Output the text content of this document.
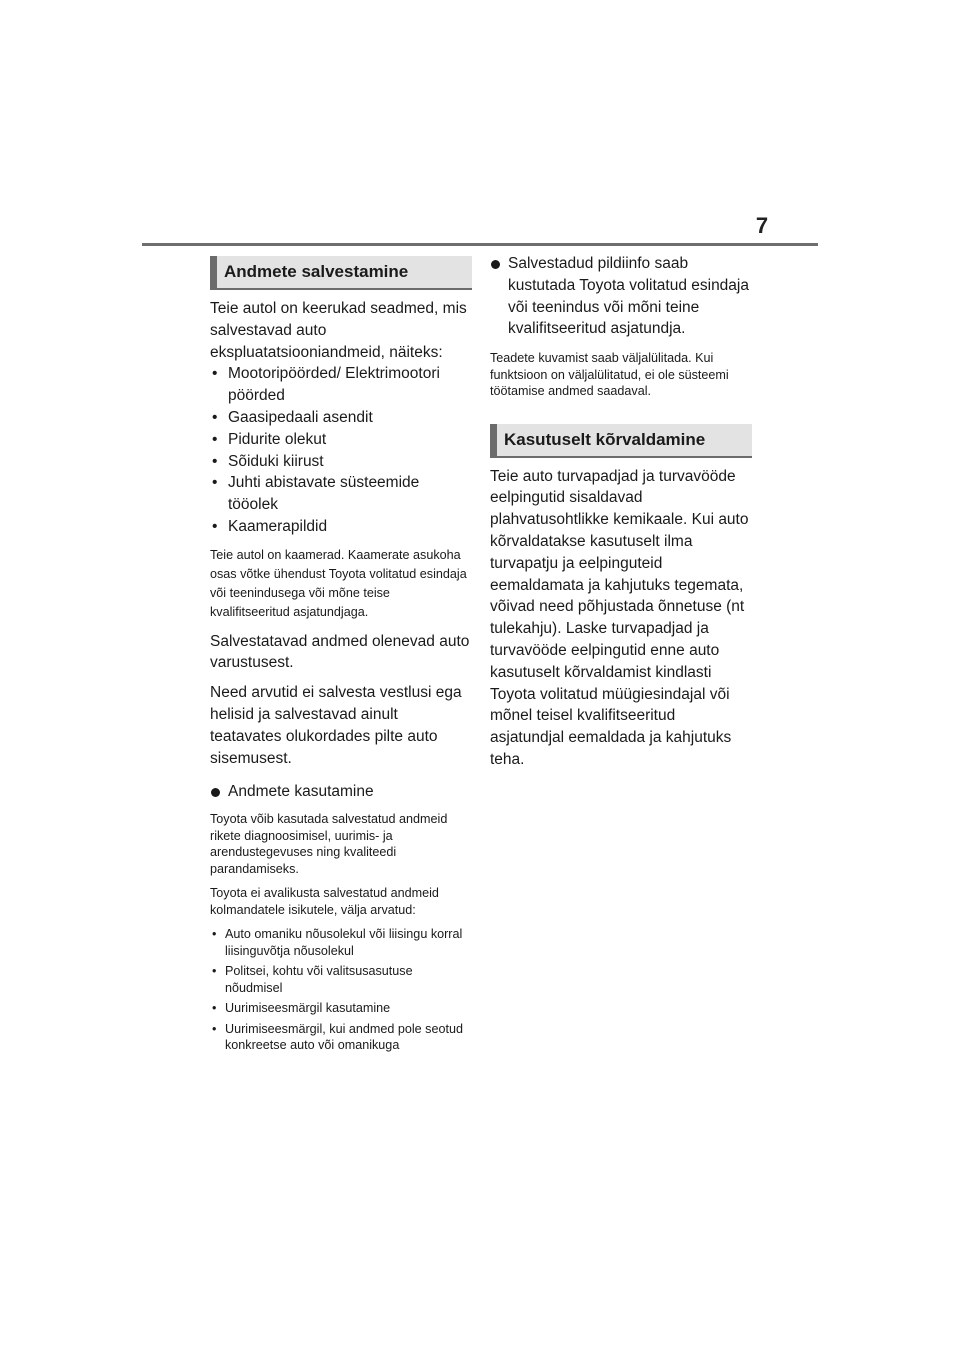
7
Andmete salvestamine

Teie autol on keerukad seadmed, mis salvestavad auto ekspluatatsiooniandmeid, näiteks:

• Mootoripöörded/ Elektrimootori pöörded
• Gaasipedaali asendit
• Pidurite olekut
• Sõiduki kiirust
• Juhti abistavate süsteemide tööolek
• Kaamerapildid

Teie autol on kaamerad. Kaamerate asukoha osas võtke ühendust Toyota volitatud esindaja või teenindusega või mõne teise kvalifitseeritud asjatundjaga.

Salvestatavad andmed olenevad auto varustusest.

Need arvutid ei salvesta vestlusi ega helisid ja salvestavad ainult teatavates olukordades pilte auto sisemusest.

Andmete kasutamine

Toyota võib kasutada salvestatud andmeid rikete diagnoosimisel, uurimis- ja arendustegevuses ning kvaliteedi parandamiseks.

Toyota ei avalikusta salvestatud andmeid kolmandatele isikutele, välja arvatud:

• Auto omaniku nõusolekul või liisingu korral liisinguvõtja nõusolekul
• Politsei, kohtu või valitsusasutuse nõudmisel
• Uurimiseesmärgil kasutamine
• Uurimiseesmärgil, kui andmed pole seotud konkreetse auto või omanikuga

Salvestadud pildiinfo saab kustutada Toyota volitatud esindaja või teenindus või mõni teine kvalifitseeritud asjatundja.

Teadete kuvamist saab väljalülitada. Kui funktsioon on väljalülitatud, ei ole süsteemi töötamise andmed saadaval.

Kasutuselt kõrvaldamine

Teie auto turvapadjad ja turvavööde eelpingutid sisaldavad plahvatusohtlikke kemikaale. Kui auto kõrvaldatakse kasutuselt ilma turvapatju ja eelpinguteid eemaldamata ja kahjutuks tegemata, võivad need põhjustada õnnetuse (nt tulekahju). Laske turvapadjad ja turvavööde eelpingutid enne auto kasutuselt kõrvaldamist kindlasti Toyota volitatud müügiesindajal või mõnel teisel kvalifitseeritud asjatundjal eemaldada ja kahjutuks teha.
